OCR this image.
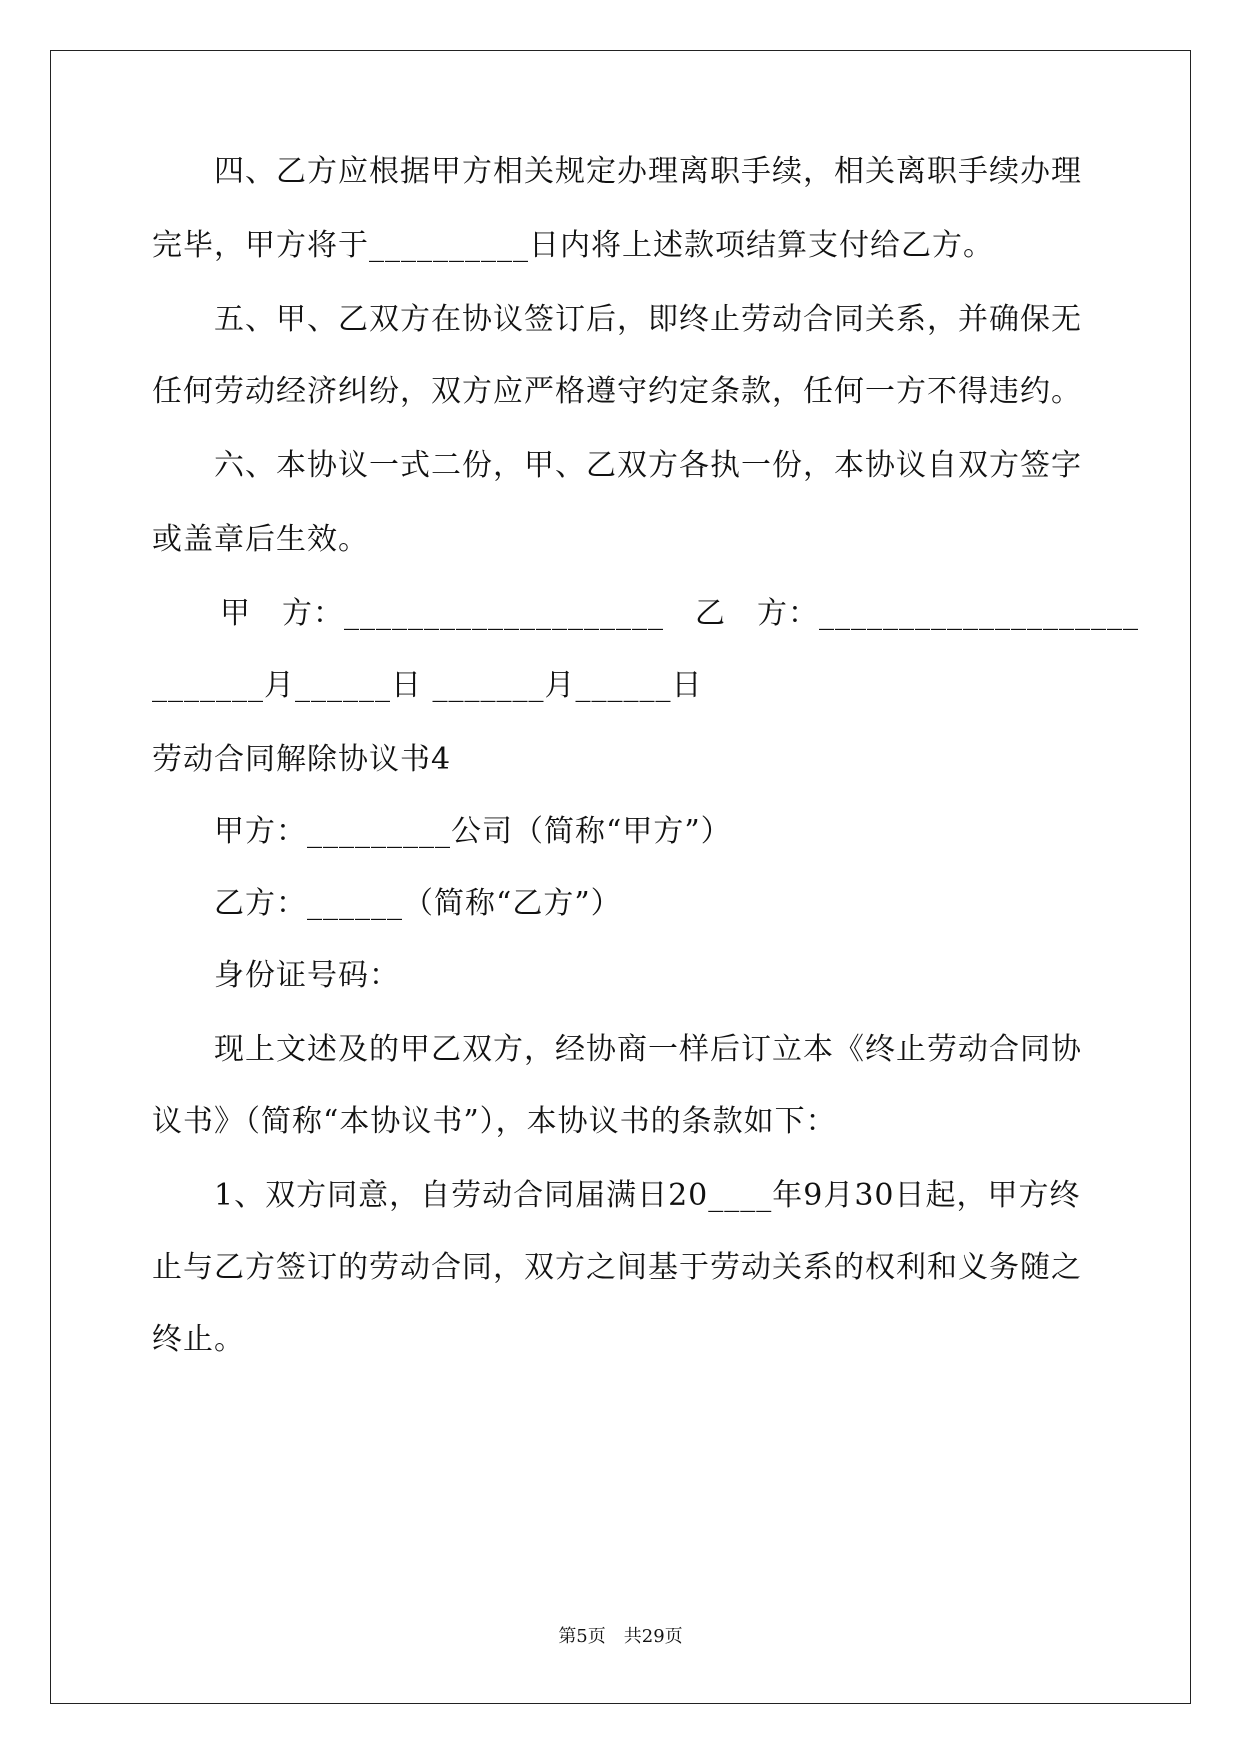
四、乙方应根据甲方相关规定办理离职手续，相关离职手续办理
完毕，甲方将于__________日内将上述款项结算支付给乙方。
五、甲、乙双方在协议签订后，即终止劳动合同关系，并确保无
任何劳动经济纠纷，双方应严格遵守约定条款，任何一方不得违约。
六、本协议一式二份，甲、乙双方各执一份，本协议自双方签字
或盖章后生效。
甲　方：____________________　乙　方：____________________
_______月______日 _______月______日
劳动合同解除协议书4
甲方：_________公司（简称“甲方”）
乙方：______（简称“乙方”）
身份证号码：
现上文述及的甲乙双方，经协商一样后订立本《终止劳动合同协
议书》（简称“本协议书”），本协议书的条款如下：
1、双方同意，自劳动合同届满日20____年9月30日起，甲方终
止与乙方签订的劳动合同，双方之间基于劳动关系的权利和义务随之
终止。
第5页　共29页
